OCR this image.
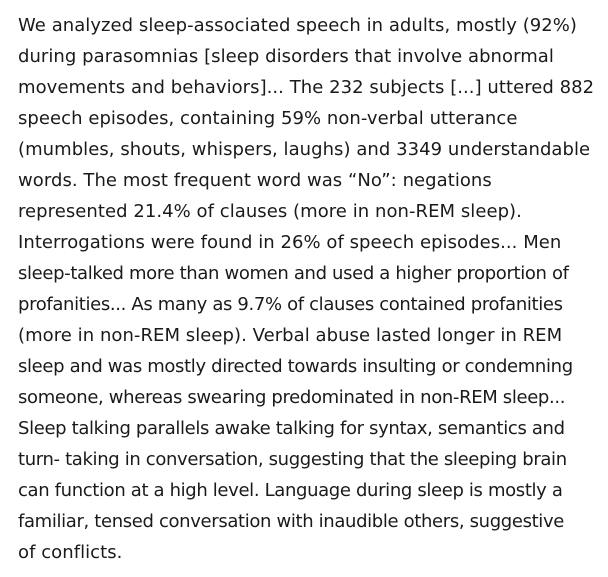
We analyzed sleep-associated speech in adults, mostly (92%)
during parasomnias [sleep disorders that involve abnormal
movements and behaviors]... The 232 subjects [...] uttered 882
speech episodes, containing 59% non-verbal utterance
(mumbles, shouts, whispers, laughs) and 3349 understandable
words. The most frequent word was “No”: negations
represented 21.4% of clauses (more in non-REM sleep).
Interrogations were found in 26% of speech episodes... Men
sleep-talked more than women and used a higher proportion of
profanities... As many as 9.7% of clauses contained profanities
(more in non-REM sleep). Verbal abuse lasted longer in REM
sleep and was mostly directed towards insulting or condemning
someone, whereas swearing predominated in non-REM sleep...
Sleep talking parallels awake talking for syntax, semantics and
turn- taking in conversation, suggesting that the sleeping brain
can function at a high level. Language during sleep is mostly a
familiar, tensed conversation with inaudible others, suggestive
of conflicts.
